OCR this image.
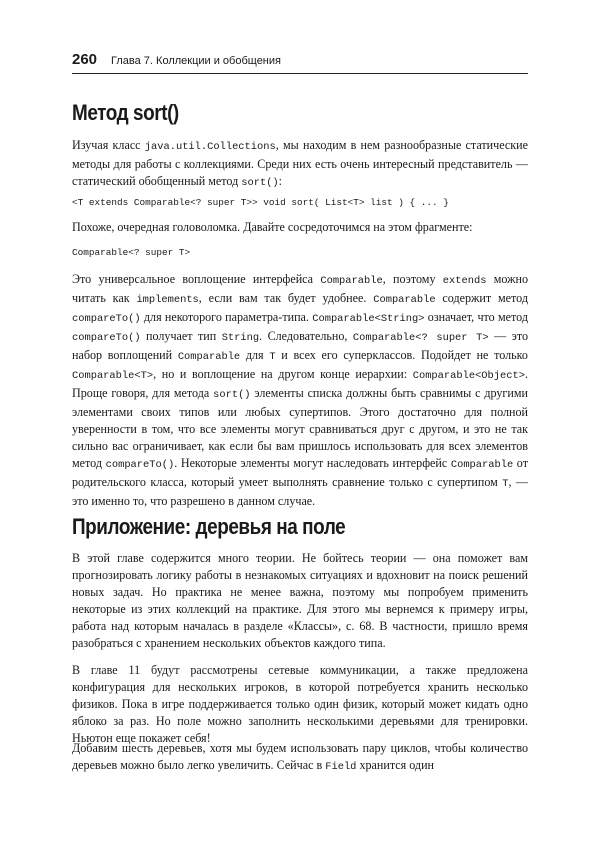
260 Глава 7. Коллекции и обобщения
Метод sort()

Изучая класс java.util.Collections, мы находим в нем разнообразные статические методы для работы с коллекциями. Среди них есть очень интересный представитель — статический обобщенный метод sort():

<T extends Comparable<? super T>> void sort( List<T> list ) { ... }

Похоже, очередная головоломка. Давайте сосредоточимся на этом фрагменте:

Comparable<? super T>

Это универсальное воплощение интерфейса Comparable, поэтому extends можно читать как implements, если вам так будет удобнее. Comparable содержит метод compareTo() для некоторого параметра-типа. Comparable<String> означает, что метод compareTo() получает тип String. Следовательно, Comparable<? super T> — это набор воплощений Comparable для T и всех его суперклассов. Подойдет не только Comparable<T>, но и воплощение на другом конце иерархии: Comparable<Object>. Проще говоря, для метода sort() элементы списка должны быть сравнимы с другими элементами своих типов или любых супертипов. Этого достаточно для полной уверенности в том, что все элементы могут сравниваться друг с другом, и это не так сильно вас ограничивает, как если бы вам пришлось использовать для всех элементов метод compareTo(). Некоторые элементы могут наследовать интерфейс Comparable от родительского класса, который умеет выполнять сравнение только с супертипом T, — это именно то, что разрешено в данном случае.

Приложение: деревья на поле

В этой главе содержится много теории. Не бойтесь теории — она поможет вам прогнозировать логику работы в незнакомых ситуациях и вдохновит на поиск решений новых задач. Но практика не менее важна, поэтому мы попробуем применить некоторые из этих коллекций на практике. Для этого мы вернемся к примеру игры, работа над которым началась в разделе «Классы», с. 68. В частности, пришло время разобраться с хранением нескольких объектов каждого типа.

В главе 11 будут рассмотрены сетевые коммуникации, а также предложена конфигурация для нескольких игроков, в которой потребуется хранить несколько физиков. Пока в игре поддерживается только один физик, который может кидать одно яблоко за раз. Но поле можно заполнить несколькими деревьями для тренировки. Ньютон еще покажет себя!

Добавим шесть деревьев, хотя мы будем использовать пару циклов, чтобы количество деревьев можно было легко увеличить. Сейчас в Field хранится один
